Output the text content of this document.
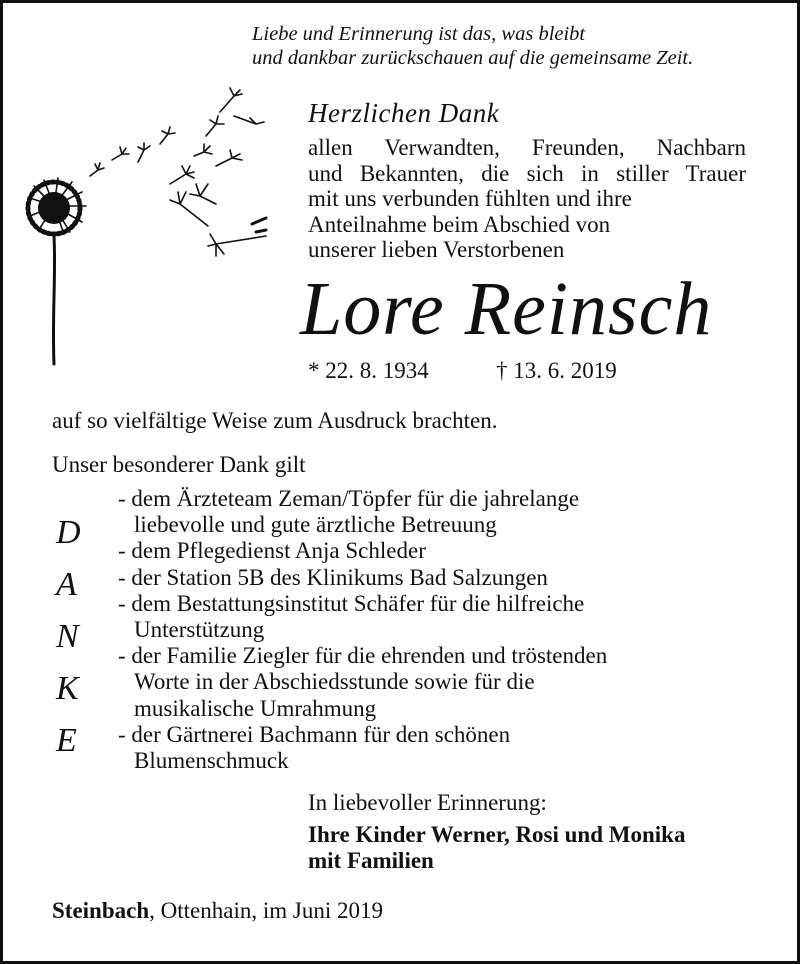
Liebe und Erinnerung ist das, was bleibt
und dankbar zurückschauen auf die gemeinsame Zeit.
Herzlichen Dank
allen Verwandten, Freunden, Nachbarn
und Bekannten, die sich in stiller Trauer
mit uns verbunden fühlten und ihre
Anteilnahme beim Abschied von
unserer lieben Verstorbenen
Lore Reinsch
* 22. 8. 1934	† 13. 6. 2019
auf so vielfältige Weise zum Ausdruck brachten.
Unser besonderer Dank gilt
D
A
N
K
E
- dem Ärzteteam Zeman/Töpfer für die jahrelange
liebevolle und gute ärztliche Betreuung
- dem Pflegedienst Anja Schleder
- der Station 5B des Klinikums Bad Salzungen
- dem Bestattungsinstitut Schäfer für die hilfreiche
Unterstützung
- der Familie Ziegler für die ehrenden und tröstenden
Worte in der Abschiedsstunde sowie für die
musikalische Umrahmung
- der Gärtnerei Bachmann für den schönen
Blumenschmuck
In liebevoller Erinnerung:
Ihre Kinder Werner, Rosi und Monika
mit Familien
Steinbach, Ottenhain, im Juni 2019
